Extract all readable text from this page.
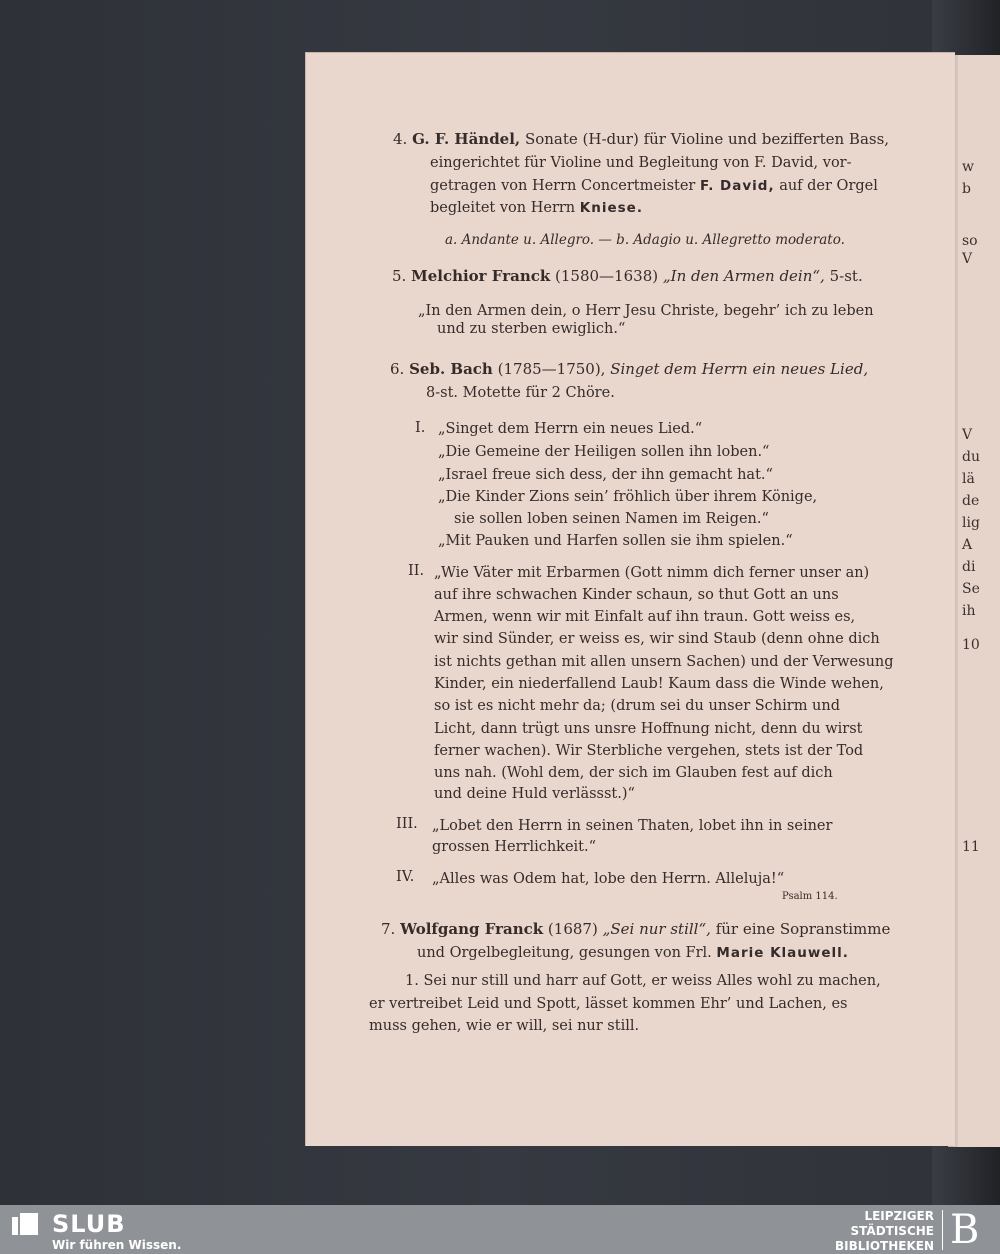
w
b
so
V
V
du
lä
de
lig
A
di
Se
ih
10
11
4. G. F. Händel, Sonate (H-dur) für Violine und bezifferten Bass,
eingerichtet für Violine und Begleitung von F. David, vor-
getragen von Herrn Concertmeister F. David, auf der Orgel
begleitet von Herrn Kniese.
a. Andante u. Allegro. — b. Adagio u. Allegretto moderato.
5. Melchior Franck (1580—1638) „In den Armen dein“, 5-st.
„In den Armen dein, o Herr Jesu Christe, begehr’ ich zu leben
und zu sterben ewiglich.“
6. Seb. Bach (1785—1750), Singet dem Herrn ein neues Lied,
8-st. Motette für 2 Chöre.
I. „Singet dem Herrn ein neues Lied.“
„Die Gemeine der Heiligen sollen ihn loben.“
„Israel freue sich dess, der ihn gemacht hat.“
„Die Kinder Zions sein’ fröhlich über ihrem Könige,
sie sollen loben seinen Namen im Reigen.“
„Mit Pauken und Harfen sollen sie ihm spielen.“
II. „Wie Väter mit Erbarmen (Gott nimm dich ferner unser an)
auf ihre schwachen Kinder schaun, so thut Gott an uns
Armen, wenn wir mit Einfalt auf ihn traun. Gott weiss es,
wir sind Sünder, er weiss es, wir sind Staub (denn ohne dich
ist nichts gethan mit allen unsern Sachen) und der Verwesung
Kinder, ein niederfallend Laub! Kaum dass die Winde wehen,
so ist es nicht mehr da; (drum sei du unser Schirm und
Licht, dann trügt uns unsre Hoffnung nicht, denn du wirst
ferner wachen). Wir Sterbliche vergehen, stets ist der Tod
uns nah. (Wohl dem, der sich im Glauben fest auf dich
und deine Huld verlässst.)“
III. „Lobet den Herrn in seinen Thaten, lobet ihn in seiner
grossen Herrlichkeit.“
IV. „Alles was Odem hat, lobe den Herrn. Alleluja!“
Psalm 114.
7. Wolfgang Franck (1687) „Sei nur still“, für eine Sopranstimme
und Orgelbegleitung, gesungen von Frl. Marie Klauwell.
1. Sei nur still und harr auf Gott, er weiss Alles wohl zu machen,
er vertreibet Leid und Spott, lässet kommen Ehr’ und Lachen, es
muss gehen, wie er will, sei nur still.
SLUB
Wir führen Wissen.
LEIPZIGER
STÄDTISCHE
BIBLIOTHEKEN B
